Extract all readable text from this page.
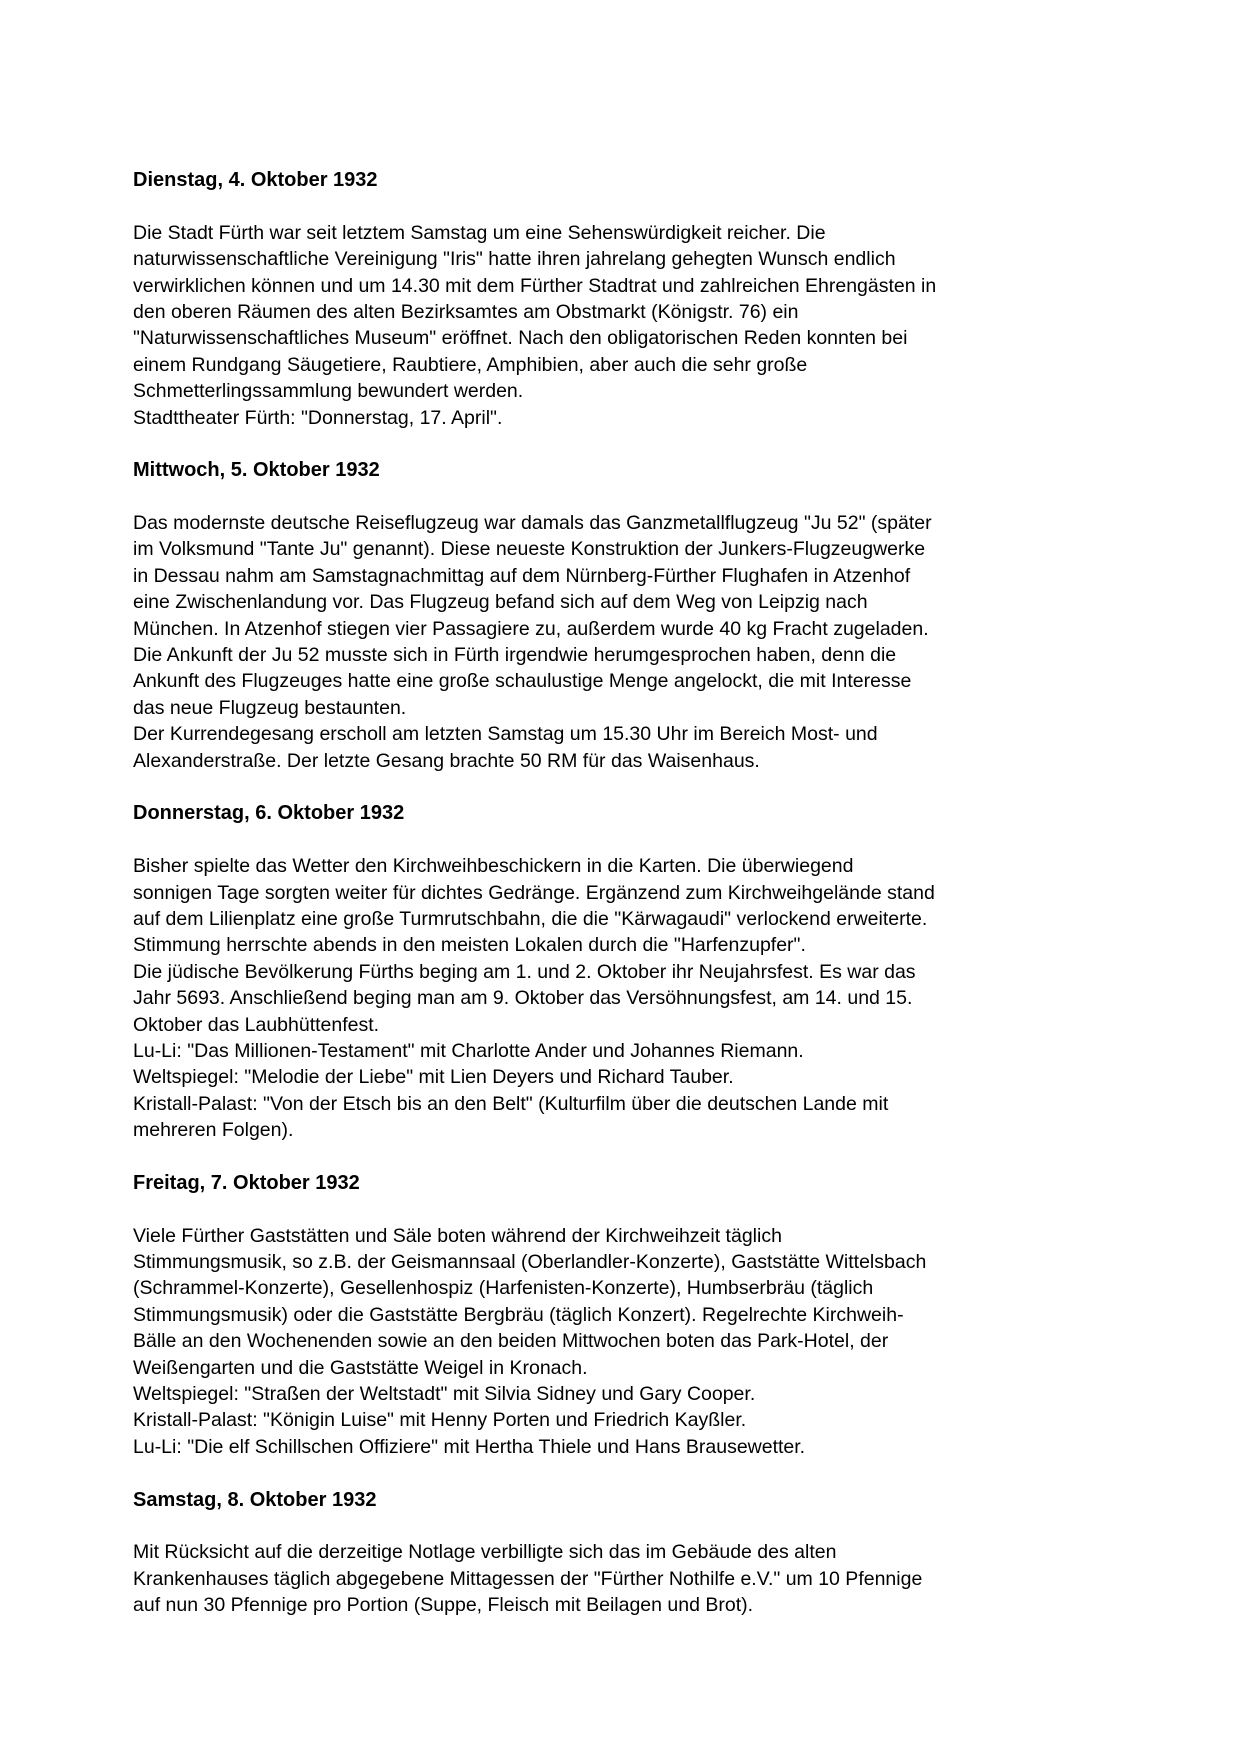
Dienstag, 4. Oktober 1932
Die Stadt Fürth war seit letztem Samstag um eine Sehenswürdigkeit reicher. Die
naturwissenschaftliche Vereinigung "Iris" hatte ihren jahrelang gehegten Wunsch endlich
verwirklichen können und um 14.30 mit dem Fürther Stadtrat und zahlreichen Ehrengästen in
den oberen Räumen des alten Bezirksamtes am Obstmarkt (Königstr. 76) ein
"Naturwissenschaftliches Museum" eröffnet. Nach den obligatorischen Reden konnten bei
einem Rundgang Säugetiere, Raubtiere, Amphibien, aber auch die sehr große
Schmetterlingssammlung bewundert werden.
Stadttheater Fürth: "Donnerstag, 17. April".
Mittwoch, 5. Oktober 1932
Das modernste deutsche Reiseflugzeug war damals das Ganzmetallflugzeug "Ju 52" (später
im Volksmund "Tante Ju" genannt). Diese neueste Konstruktion der Junkers-Flugzeugwerke
in Dessau nahm am Samstagnachmittag auf dem Nürnberg-Fürther Flughafen in Atzenhof
eine Zwischenlandung vor. Das Flugzeug befand sich auf dem Weg von Leipzig nach
München. In Atzenhof stiegen vier Passagiere zu, außerdem wurde 40 kg Fracht zugeladen.
Die Ankunft der Ju 52 musste sich in Fürth irgendwie herumgesprochen haben, denn die
Ankunft des Flugzeuges hatte eine große schaulustige Menge angelockt, die mit Interesse
das neue Flugzeug bestaunten.
Der Kurrendegesang erscholl am letzten Samstag um 15.30 Uhr im Bereich Most- und
Alexanderstraße. Der letzte Gesang brachte 50 RM für das Waisenhaus.
Donnerstag, 6. Oktober 1932
Bisher spielte das Wetter den Kirchweihbeschickern in die Karten. Die überwiegend
sonnigen Tage sorgten weiter für dichtes Gedränge. Ergänzend zum Kirchweihgelände stand
auf dem Lilienplatz eine große Turmrutschbahn, die die "Kärwagaudi" verlockend erweiterte.
Stimmung herrschte abends in den meisten Lokalen durch die "Harfenzupfer".
Die jüdische Bevölkerung Fürths beging am 1. und 2. Oktober ihr Neujahrsfest. Es war das
Jahr 5693. Anschließend beging man am 9. Oktober das Versöhnungsfest, am 14. und 15.
Oktober das Laubhüttenfest.
Lu-Li: "Das Millionen-Testament" mit Charlotte Ander und Johannes Riemann.
Weltspiegel: "Melodie der Liebe" mit Lien Deyers und Richard Tauber.
Kristall-Palast: "Von der Etsch bis an den Belt" (Kulturfilm über die deutschen Lande mit
mehreren Folgen).
Freitag, 7. Oktober 1932
Viele Fürther Gaststätten und Säle boten während der Kirchweihzeit täglich
Stimmungsmusik, so z.B. der Geismannsaal (Oberlandler-Konzerte), Gaststätte Wittelsbach
(Schrammel-Konzerte), Gesellenhospiz (Harfenisten-Konzerte), Humbserbräu (täglich
Stimmungsmusik) oder die Gaststätte Bergbräu (täglich Konzert). Regelrechte Kirchweih-
Bälle an den Wochenenden sowie an den beiden Mittwochen boten das Park-Hotel, der
Weißengarten und die Gaststätte Weigel in Kronach.
Weltspiegel: "Straßen der Weltstadt" mit Silvia Sidney und Gary Cooper.
Kristall-Palast: "Königin Luise" mit Henny Porten und Friedrich Kayßler.
Lu-Li: "Die elf Schillschen Offiziere" mit Hertha Thiele und Hans Brausewetter.
Samstag, 8. Oktober 1932
Mit Rücksicht auf die derzeitige Notlage verbilligte sich das im Gebäude des alten
Krankenhauses täglich abgegebene Mittagessen der "Fürther Nothilfe e.V." um 10 Pfennige
auf nun 30 Pfennige pro Portion (Suppe, Fleisch mit Beilagen und Brot).
